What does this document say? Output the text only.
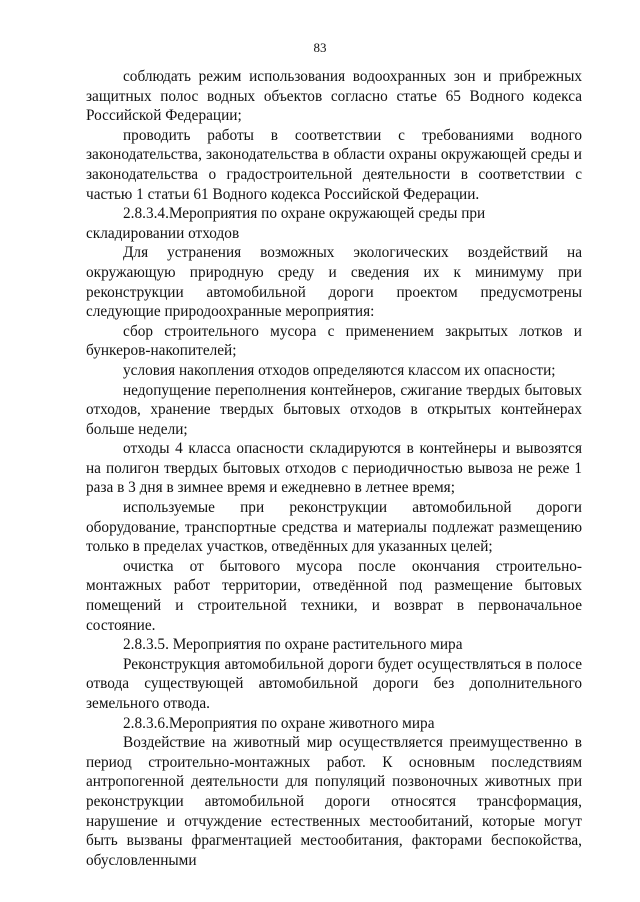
83

соблюдать режим использования водоохранных зон и прибрежных защитных полос водных объектов согласно статье 65 Водного кодекса Российской Федерации;

проводить работы в соответствии с требованиями водного законодательства, законодательства в области охраны окружающей среды и законодательства о градостроительной деятельности в соответствии с частью 1 статьи 61 Водного кодекса Российской Федерации.

2.8.3.4.Мероприятия по охране окружающей среды при складировании отходов

Для устранения возможных экологических воздействий на окружающую природную среду и сведения их к минимуму при реконструкции автомобильной дороги проектом предусмотрены следующие природоохранные мероприятия:

сбор строительного мусора с применением закрытых лотков и бункеров-накопителей;

условия накопления отходов определяются классом их опасности;

недопущение переполнения контейнеров, сжигание твердых бытовых отходов, хранение твердых бытовых отходов в открытых контейнерах больше недели;

отходы 4 класса опасности складируются в контейнеры и вывозятся на полигон твердых бытовых отходов с периодичностью вывоза не реже 1 раза в 3 дня в зимнее время и ежедневно в летнее время;

используемые при реконструкции автомобильной дороги оборудование, транспортные средства и материалы подлежат размещению только в пределах участков, отведённых для указанных целей;

очистка от бытового мусора после окончания строительно-монтажных работ территории, отведённой под размещение бытовых помещений и строительной техники, и возврат в первоначальное состояние.

2.8.3.5. Мероприятия по охране растительного мира

Реконструкция автомобильной дороги будет осуществляться в полосе отвода существующей автомобильной дороги без дополнительного земельного отвода.

2.8.3.6.Мероприятия по охране животного мира

Воздействие на животный мир осуществляется преимущественно в период строительно-монтажных работ. К основным последствиям антропогенной деятельности для популяций позвоночных животных при реконструкции автомобильной дороги относятся трансформация, нарушение и отчуждение естественных местообитаний, которые могут быть вызваны фрагментацией местообитания, факторами беспокойства, обусловленными
